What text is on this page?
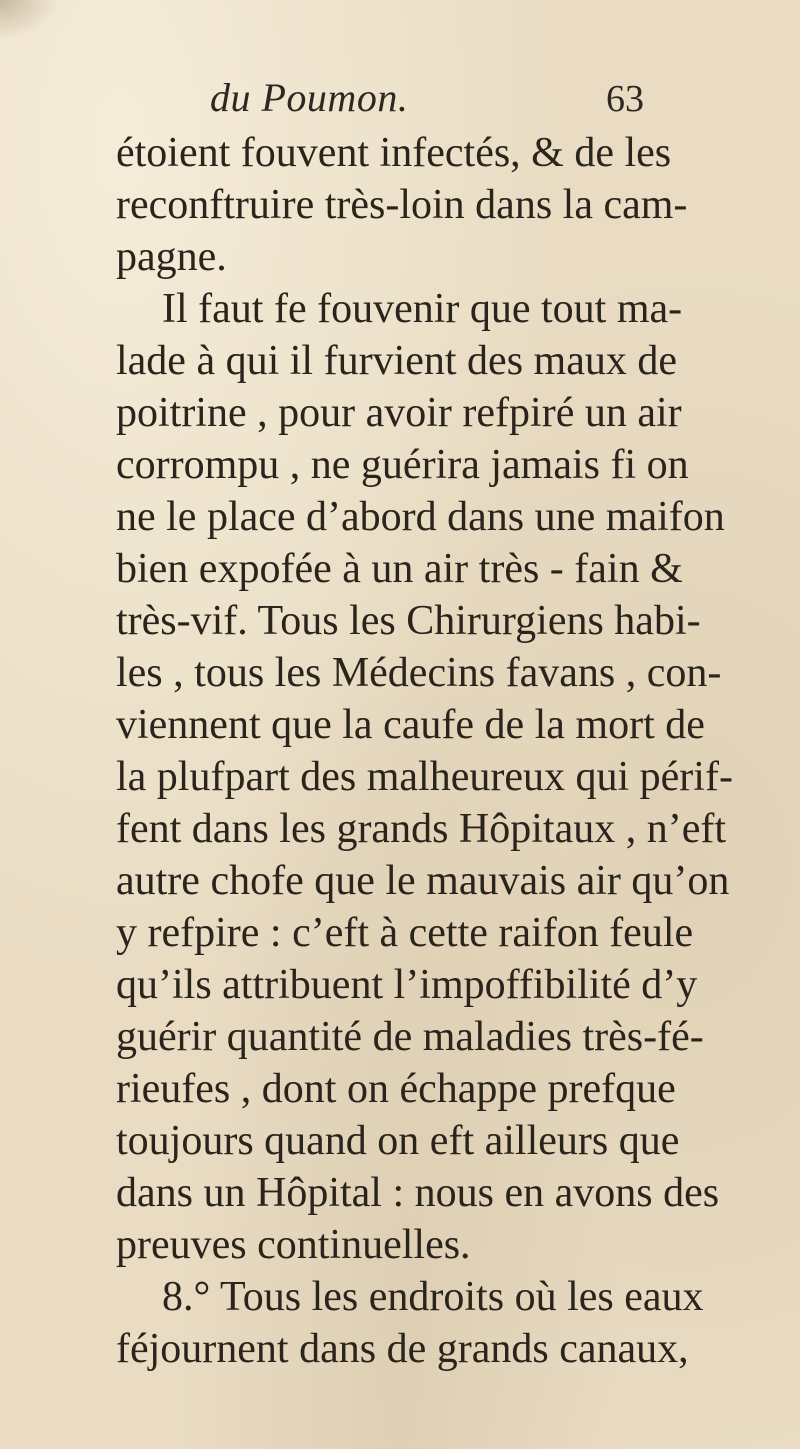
du Poumon.	63
étoient fouvent infectés, & de les
reconftruire très-loin dans la cam-
pagne.
Il faut fe fouvenir que tout ma-
lade à qui il furvient des maux de
poitrine , pour avoir refpiré un air
corrompu , ne guérira jamais fi on
ne le place d’abord dans une maifon
bien expofée à un air très - fain &
très-vif. Tous les Chirurgiens habi-
les , tous les Médecins favans , con-
viennent que la caufe de la mort de
la plufpart des malheureux qui périf-
fent dans les grands Hôpitaux , n’eft
autre chofe que le mauvais air qu’on
y refpire : c’eft à cette raifon feule
qu’ils attribuent l’impoffibilité d’y
guérir quantité de maladies très-fé-
rieufes , dont on échappe prefque
toujours quand on eft ailleurs que
dans un Hôpital : nous en avons des
preuves continuelles.
8.° Tous les endroits où les eaux
féjournent dans de grands canaux,
